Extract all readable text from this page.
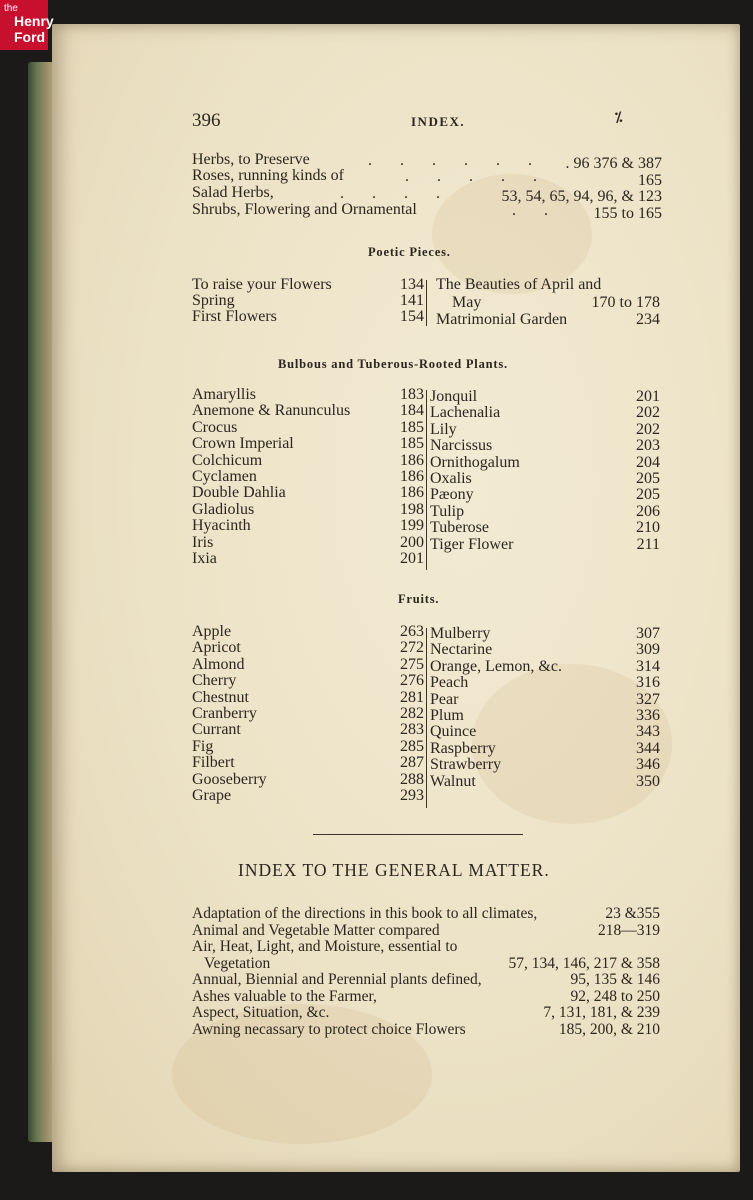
the
Henry
Ford
396	INDEX.	⁒
Herbs, to Preserve	. . . . . .	. 96 376 & 387
Roses, running kinds of	. . . . .	165
Salad Herbs,	. . . .	53, 54, 65, 94, 96, & 123
Shrubs, Flowering and Ornamental	. .	155 to 165
Poetic Pieces.
To raise your Flowers	134
Spring	141
First Flowers	154
The Beauties of April and
May	170 to 178
Matrimonial Garden	234
Bulbous and Tuberous-Rooted Plants.
Amaryllis	183
Anemone & Ranunculus	184
Crocus	185
Crown Imperial	185
Colchicum	186
Cyclamen	186
Double Dahlia	186
Gladiolus	198
Hyacinth	199
Iris	200
Ixia	201
Jonquil	201
Lachenalia	202
Lily	202
Narcissus	203
Ornithogalum	204
Oxalis	205
Pæony	205
Tulip	206
Tuberose	210
Tiger Flower	211
Fruits.
Apple	263
Apricot	272
Almond	275
Cherry	276
Chestnut	281
Cranberry	282
Currant	283
Fig	285
Filbert	287
Gooseberry	288
Grape	293
Mulberry	307
Nectarine	309
Orange, Lemon, &c.	314
Peach	316
Pear	327
Plum	336
Quince	343
Raspberry	344
Strawberry	346
Walnut	350
INDEX TO THE GENERAL MATTER.
Adaptation of the directions in this book to all climates,	23 &355
Animal and Vegetable Matter compared	218—319
Air, Heat, Light, and Moisture, essential to
Vegetation	57, 134, 146, 217 & 358
Annual, Biennial and Perennial plants defined,	95, 135 & 146
Ashes valuable to the Farmer,	92, 248 to 250
Aspect, Situation, &c.	7, 131, 181, & 239
Awning necassary to protect choice Flowers	185, 200, & 210
